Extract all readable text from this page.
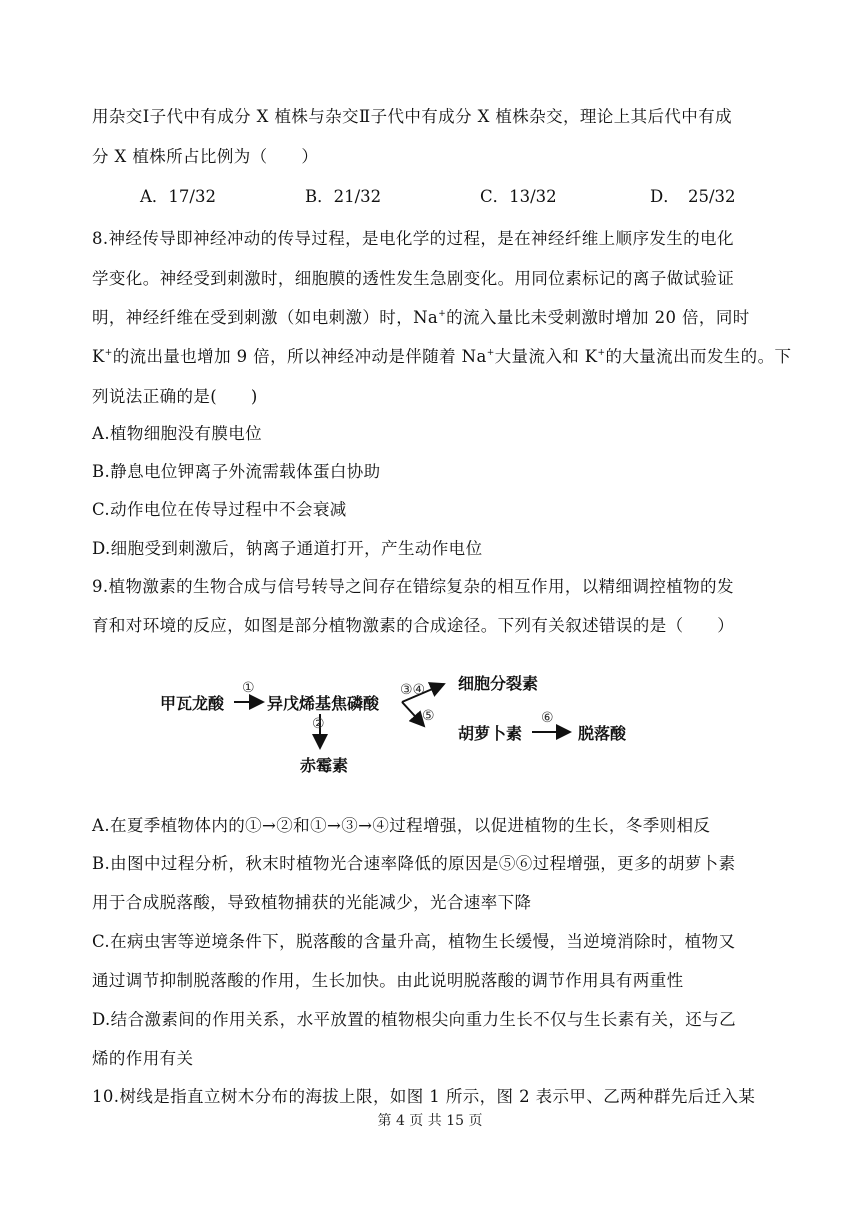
用杂交Ⅰ子代中有成分 X 植株与杂交Ⅱ子代中有成分 X 植株杂交，理论上其后代中有成
分 X 植株所占比例为（　　）
A．17/32	B．21/32	C．13/32	D．　25/32
8.神经传导即神经冲动的传导过程，是电化学的过程，是在神经纤维上顺序发生的电化
学变化。神经受到刺激时，细胞膜的透性发生急剧变化。用同位素标记的离子做试验证
明，神经纤维在受到刺激（如电刺激）时，Na+的流入量比未受刺激时增加 20 倍，同时
K+的流出量也增加 9 倍，所以神经冲动是伴随着 Na+大量流入和 K+的大量流出而发生的。下
列说法正确的是(　　)
A.植物细胞没有膜电位
B.静息电位钾离子外流需载体蛋白协助
C.动作电位在传导过程中不会衰减
D.细胞受到刺激后，钠离子通道打开，产生动作电位
9.植物激素的生物合成与信号转导之间存在错综复杂的相互作用，以精细调控植物的发
育和对环境的反应，如图是部分植物激素的合成途径。下列有关叙述错误的是（　　）
甲瓦龙酸
①
异戊烯基焦磷酸
②
赤霉素
③④
⑤
细胞分裂素
胡萝卜素
⑥
脱落酸
A.在夏季植物体内的①→②和①→③→④过程增强，以促进植物的生长，冬季则相反
B.由图中过程分析，秋末时植物光合速率降低的原因是⑤⑥过程增强，更多的胡萝卜素
用于合成脱落酸，导致植物捕获的光能减少，光合速率下降
C.在病虫害等逆境条件下，脱落酸的含量升高，植物生长缓慢，当逆境消除时，植物又
通过调节抑制脱落酸的作用，生长加快。由此说明脱落酸的调节作用具有两重性
D.结合激素间的作用关系，水平放置的植物根尖向重力生长不仅与生长素有关，还与乙
烯的作用有关
10.树线是指直立树木分布的海拔上限，如图 1 所示，图 2 表示甲、乙两种群先后迁入某
第 4 页 共 15 页
